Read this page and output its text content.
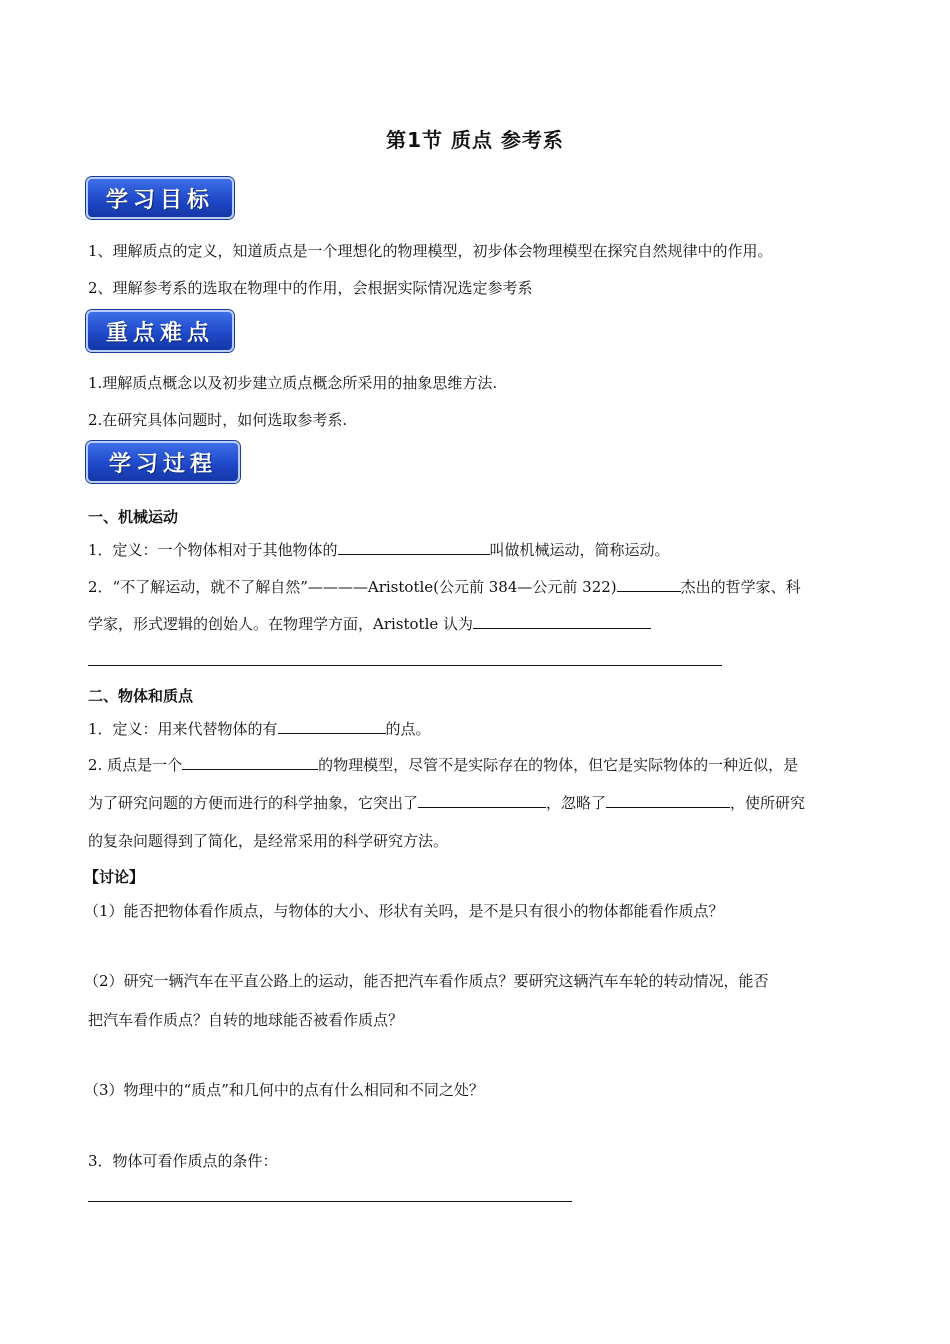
第1节 质点 参考系
学习目标
1、理解质点的定义，知道质点是一个理想化的物理模型，初步体会物理模型在探究自然规律中的作用。
2、理解参考系的选取在物理中的作用，会根据实际情况选定参考系
重点难点
1.理解质点概念以及初步建立质点概念所采用的抽象思维方法.
2.在研究具体问题时，如何选取参考系.
学习过程
一、机械运动
1．定义：一个物体相对于其他物体的	叫做机械运动，简称运动。
2．“不了解运动，就不了解自然”————Aristotle(公元前 384—公元前 322)	杰出的哲学家、科
学家，形式逻辑的创始人。在物理学方面，Aristotle 认为
二、物体和质点
1．定义：用来代替物体的有	的点。
2. 质点是一个	的物理模型，尽管不是实际存在的物体，但它是实际物体的一种近似，是
为了研究问题的方便而进行的科学抽象，它突出了	，忽略了	，使所研究
的复杂问题得到了简化，是经常采用的科学研究方法。
【讨论】
（1）能否把物体看作质点，与物体的大小、形状有关吗，是不是只有很小的物体都能看作质点？
（2）研究一辆汽车在平直公路上的运动，能否把汽车看作质点？要研究这辆汽车车轮的转动情况，能否
把汽车看作质点？自转的地球能否被看作质点？
（3）物理中的“质点”和几何中的点有什么相同和不同之处？
3．物体可看作质点的条件：
